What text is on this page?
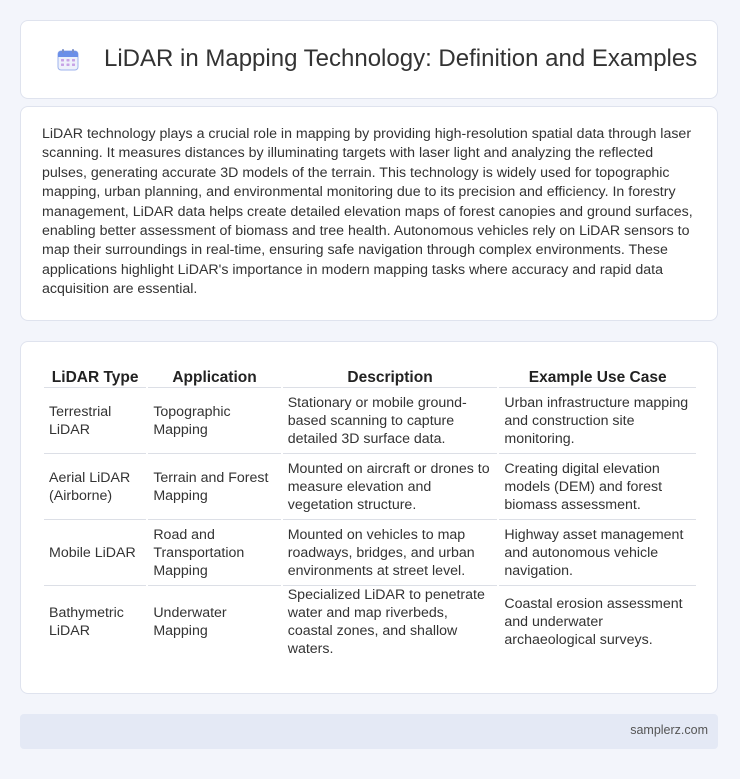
LiDAR in Mapping Technology: Definition and Examples

LiDAR technology plays a crucial role in mapping by providing high-resolution spatial data through laser scanning. It measures distances by illuminating targets with laser light and analyzing the reflected pulses, generating accurate 3D models of the terrain. This technology is widely used for topographic mapping, urban planning, and environmental monitoring due to its precision and efficiency. In forestry management, LiDAR data helps create detailed elevation maps of forest canopies and ground surfaces, enabling better assessment of biomass and tree health. Autonomous vehicles rely on LiDAR sensors to map their surroundings in real-time, ensuring safe navigation through complex environments. These applications highlight LiDAR's importance in modern mapping tasks where accuracy and rapid data acquisition are essential.

LiDAR Type	Application	Description	Example Use Case
Terrestrial LiDAR	Topographic Mapping	Stationary or mobile ground-based scanning to capture detailed 3D surface data.	Urban infrastructure mapping and construction site monitoring.
Aerial LiDAR (Airborne)	Terrain and Forest Mapping	Mounted on aircraft or drones to measure elevation and vegetation structure.	Creating digital elevation models (DEM) and forest biomass assessment.
Mobile LiDAR	Road and Transportation Mapping	Mounted on vehicles to map roadways, bridges, and urban environments at street level.	Highway asset management and autonomous vehicle navigation.
Bathymetric LiDAR	Underwater Mapping	Specialized LiDAR to penetrate water and map riverbeds, coastal zones, and shallow waters.	Coastal erosion assessment and underwater archaeological surveys.
samplerz.com
